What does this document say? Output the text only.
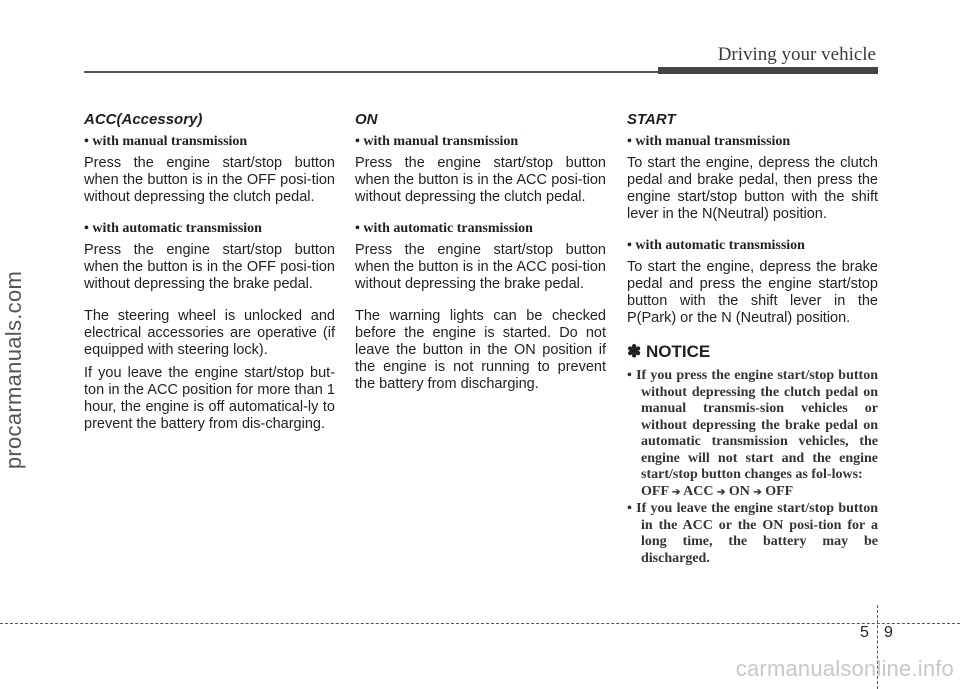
Driving your vehicle
procarmanuals.com

ACC(Accessory)

• with manual transmission

Press the engine start/stop button when the button is in the OFF posi-tion without depressing the clutch pedal.

• with automatic transmission

Press the engine start/stop button when the button is in the OFF posi-tion without depressing the brake pedal.

The steering wheel is unlocked and electrical accessories are operative (if equipped with steering lock).

If you leave the engine start/stop but-ton in the ACC position for more than 1 hour, the engine is off automatical-ly to prevent the battery from dis-charging.

ON

• with manual transmission

Press the engine start/stop button when the button is in the ACC posi-tion without depressing the clutch pedal.

• with automatic transmission

Press the engine start/stop button when the button is in the ACC posi-tion without depressing the brake pedal.

The warning lights can be checked before the engine is started. Do not leave the button in the ON position if the engine is not running to prevent the battery from discharging.

START

• with manual transmission

To start the engine, depress the clutch pedal and brake pedal, then press the engine start/stop button with the shift lever in the N(Neutral) position.

• with automatic transmission

To start the engine, depress the brake pedal and press the engine start/stop button with the shift lever in the P(Park) or the N (Neutral) position.

✽ NOTICE
• If you press the engine start/stop button without depressing the clutch pedal on manual transmis-sion vehicles or without depressing the brake pedal on automatic transmission vehicles, the engine will not start and the engine start/stop button changes as fol-lows:
OFF ➔ ACC ➔ ON ➔ OFF
• If you leave the engine start/stop button in the ACC or the ON posi-tion for a long time, the battery may be discharged.
5 9
carmanualsonline.info
